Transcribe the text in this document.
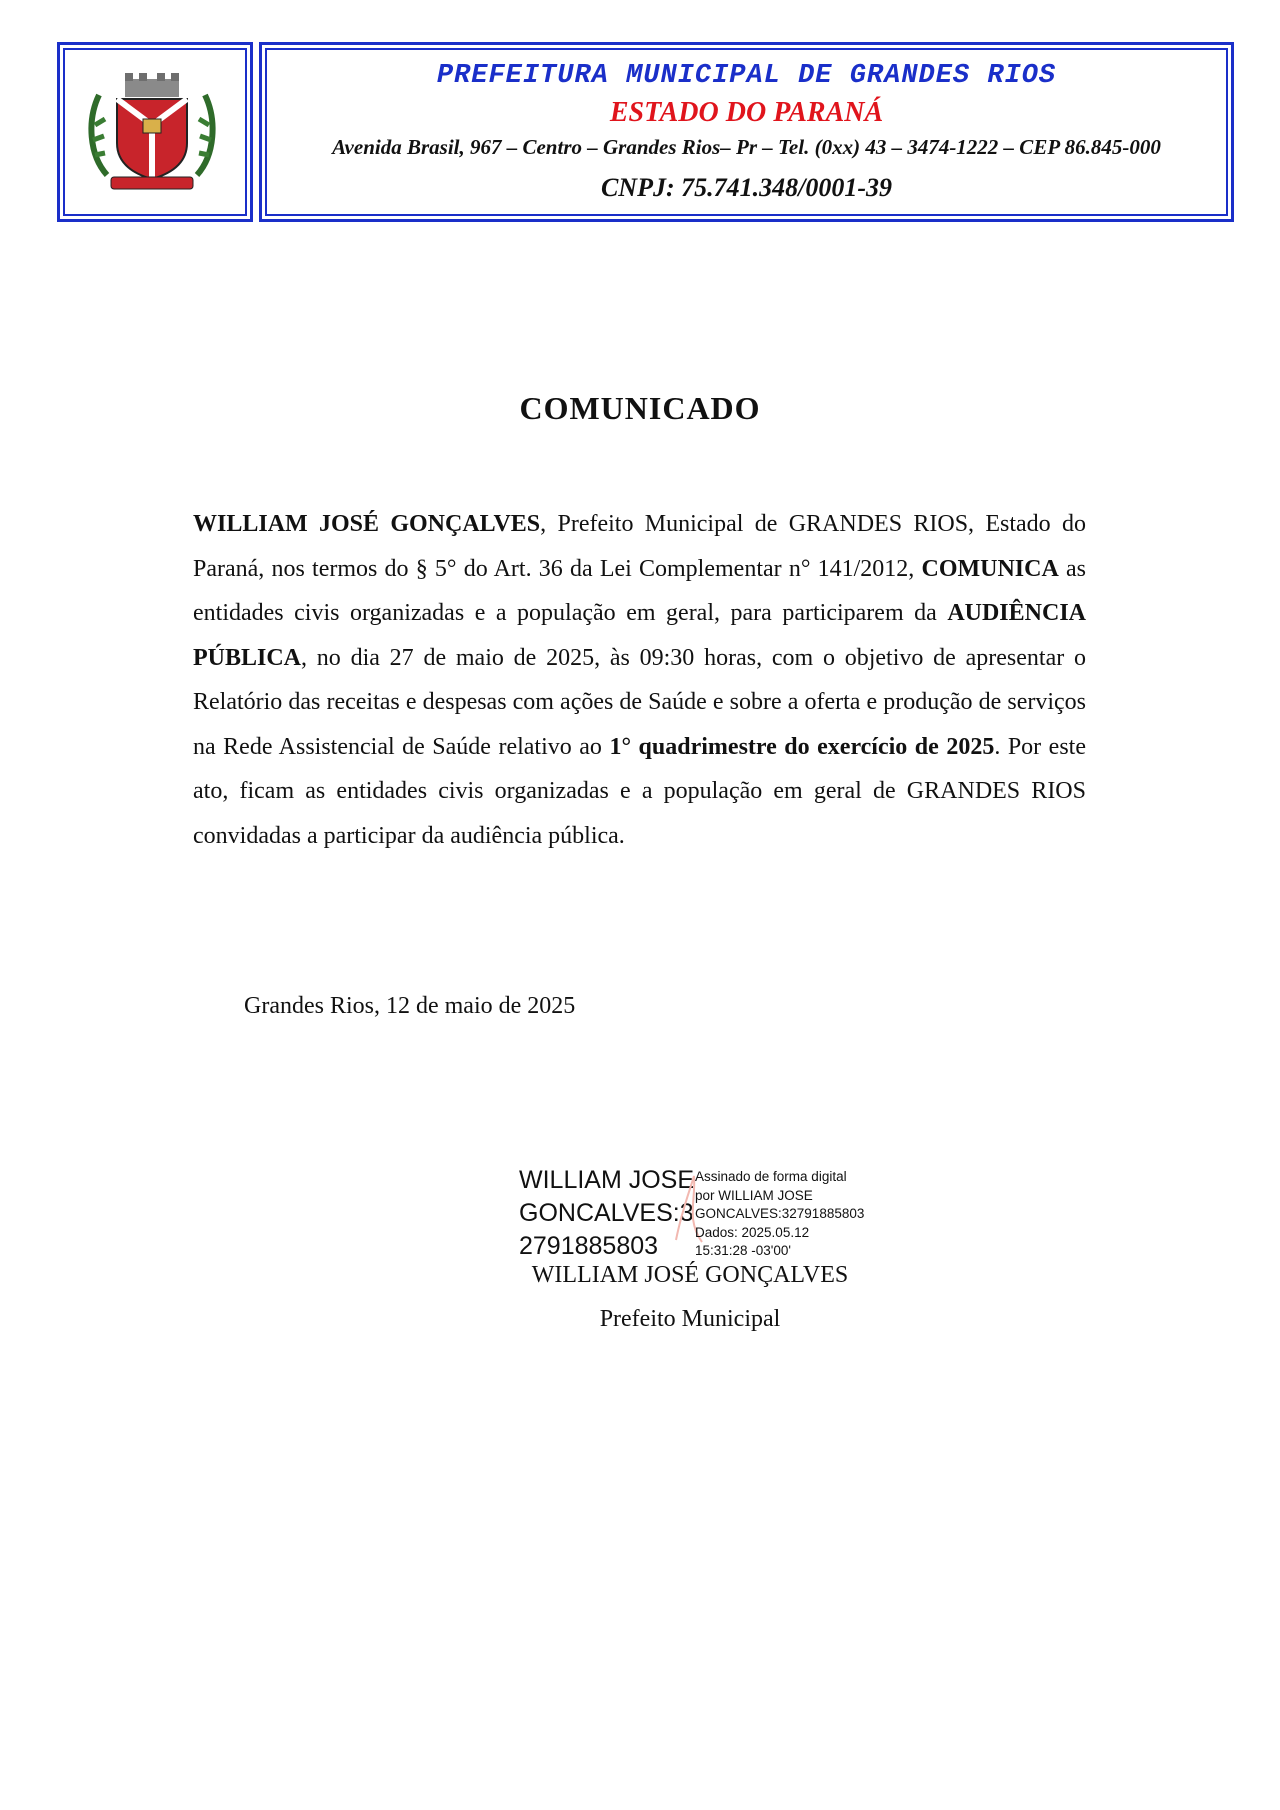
PREFEITURA MUNICIPAL DE GRANDES RIOS
ESTADO DO PARANÁ
Avenida Brasil, 967 – Centro – Grandes Rios– Pr – Tel. (0xx) 43 – 3474-1222 – CEP 86.845-000
CNPJ: 75.741.348/0001-39
COMUNICADO

WILLIAM JOSÉ GONÇALVES, Prefeito Municipal de GRANDES RIOS, Estado do Paraná, nos termos do § 5° do Art. 36 da Lei Complementar n° 141/2012, COMUNICA as entidades civis organizadas e a população em geral, para participarem da AUDIÊNCIA PÚBLICA, no dia 27 de maio de 2025, às 09:30 horas, com o objetivo de apresentar o Relatório das receitas e despesas com ações de Saúde e sobre a oferta e produção de serviços na Rede Assistencial de Saúde relativo ao 1° quadrimestre do exercício de 2025. Por este ato, ficam as entidades civis organizadas e a população em geral de GRANDES RIOS convidadas a participar da audiência pública.

Grandes Rios, 12 de maio de 2025
WILLIAM JOSE
GONCALVES:3
2791885803
Assinado de forma digital
por WILLIAM JOSE
GONCALVES:32791885803
Dados: 2025.05.12
15:31:28 -03'00'
WILLIAM JOSÉ GONÇALVES
Prefeito Municipal
